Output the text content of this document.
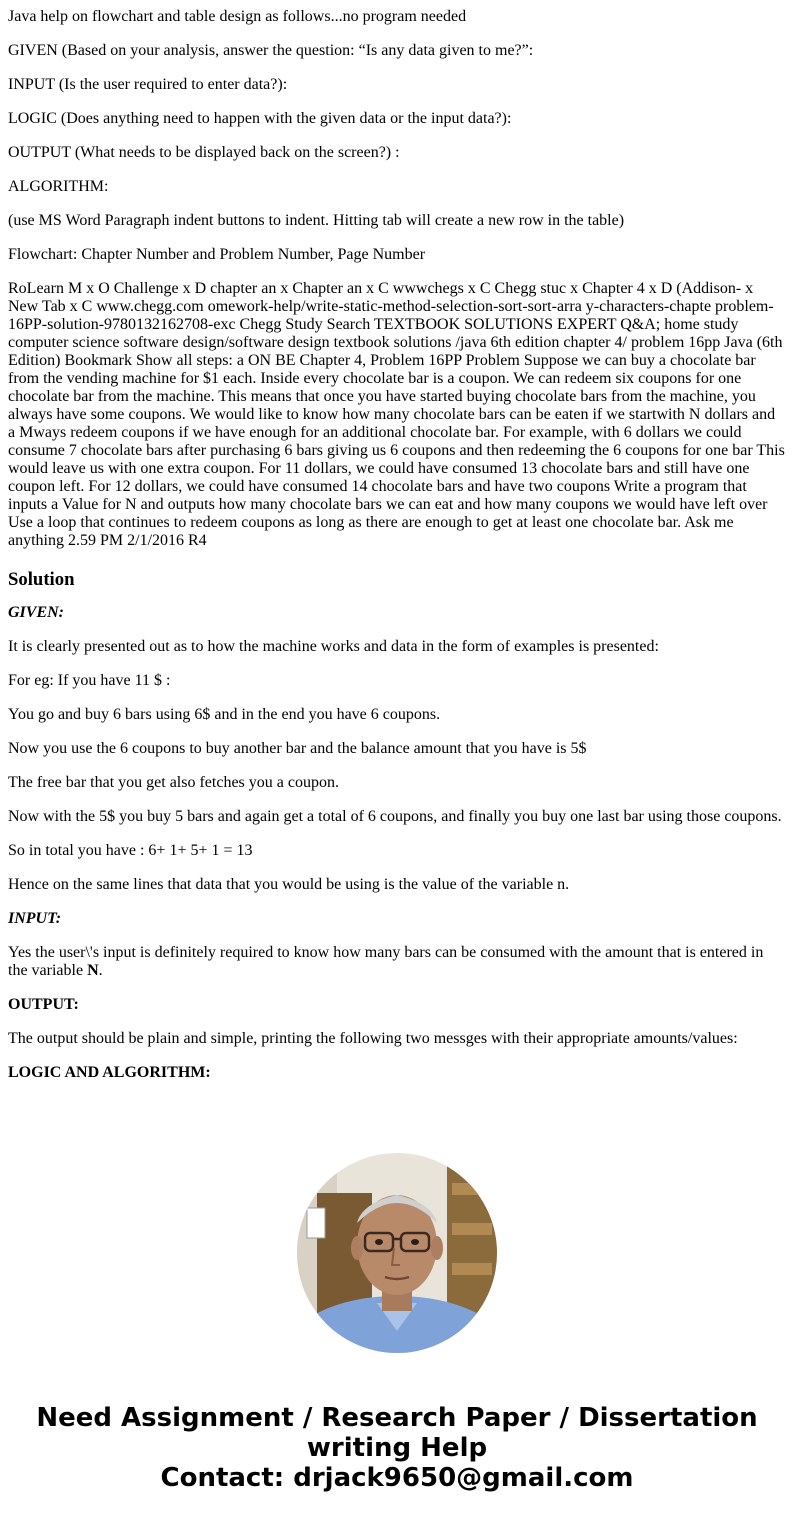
Java help on flowchart and table design as follows...no program needed

GIVEN (Based on your analysis, answer the question: “Is any data given to me?”:

INPUT (Is the user required to enter data?):

LOGIC (Does anything need to happen with the given data or the input data?):

OUTPUT (What needs to be displayed back on the screen?) :

ALGORITHM:

(use MS Word Paragraph indent buttons to indent. Hitting tab will create a new row in the table)

Flowchart: Chapter Number and Problem Number, Page Number

RoLearn M x O Challenge x D chapter an x Chapter an x C wwwchegs x C Chegg stuc x Chapter 4 x D (Addison- x New Tab x C www.chegg.com omework-help/write-static-method-selection-sort-sort-arra y-characters-chapte problem-16PP-solution-9780132162708-exc Chegg Study Search TEXTBOOK SOLUTIONS EXPERT Q&A; home study computer science software design/software design textbook solutions /java 6th edition chapter 4/ problem 16pp Java (6th Edition) Bookmark Show all steps: a ON BE Chapter 4, Problem 16PP Problem Suppose we can buy a chocolate bar from the vending machine for $1 each. Inside every chocolate bar is a coupon. We can redeem six coupons for one chocolate bar from the machine. This means that once you have started buying chocolate bars from the machine, you always have some coupons. We would like to know how many chocolate bars can be eaten if we startwith N dollars and a Mways redeem coupons if we have enough for an additional chocolate bar. For example, with 6 dollars we could consume 7 chocolate bars after purchasing 6 bars giving us 6 coupons and then redeeming the 6 coupons for one bar This would leave us with one extra coupon. For 11 dollars, we could have consumed 13 chocolate bars and still have one coupon left. For 12 dollars, we could have consumed 14 chocolate bars and have two coupons Write a program that inputs a Value for N and outputs how many chocolate bars we can eat and how many coupons we would have left over Use a loop that continues to redeem coupons as long as there are enough to get at least one chocolate bar. Ask me anything 2.59 PM 2/1/2016 R4

Solution

GIVEN:

It is clearly presented out as to how the machine works and data in the form of examples is presented:

For eg: If you have 11 $ :

You go and buy 6 bars using 6$ and in the end you have 6 coupons.

Now you use the 6 coupons to buy another bar and the balance amount that you have is 5$

The free bar that you get also fetches you a coupon.

Now with the 5$ you buy 5 bars and again get a total of 6 coupons, and finally you buy one last bar using those coupons.

So in total you have : 6+ 1+ 5+ 1 = 13

Hence on the same lines that data that you would be using is the value of the variable n.

INPUT:

Yes the user\'s input is definitely required to know how many bars can be consumed with the amount that is entered in the variable N.

OUTPUT:

The output should be plain and simple, printing the following two messges with their appropriate amounts/values:

LOGIC AND ALGORITHM:

Need Assignment / Research Paper / Dissertation
writing Help
Contact: drjack9650@gmail.com
